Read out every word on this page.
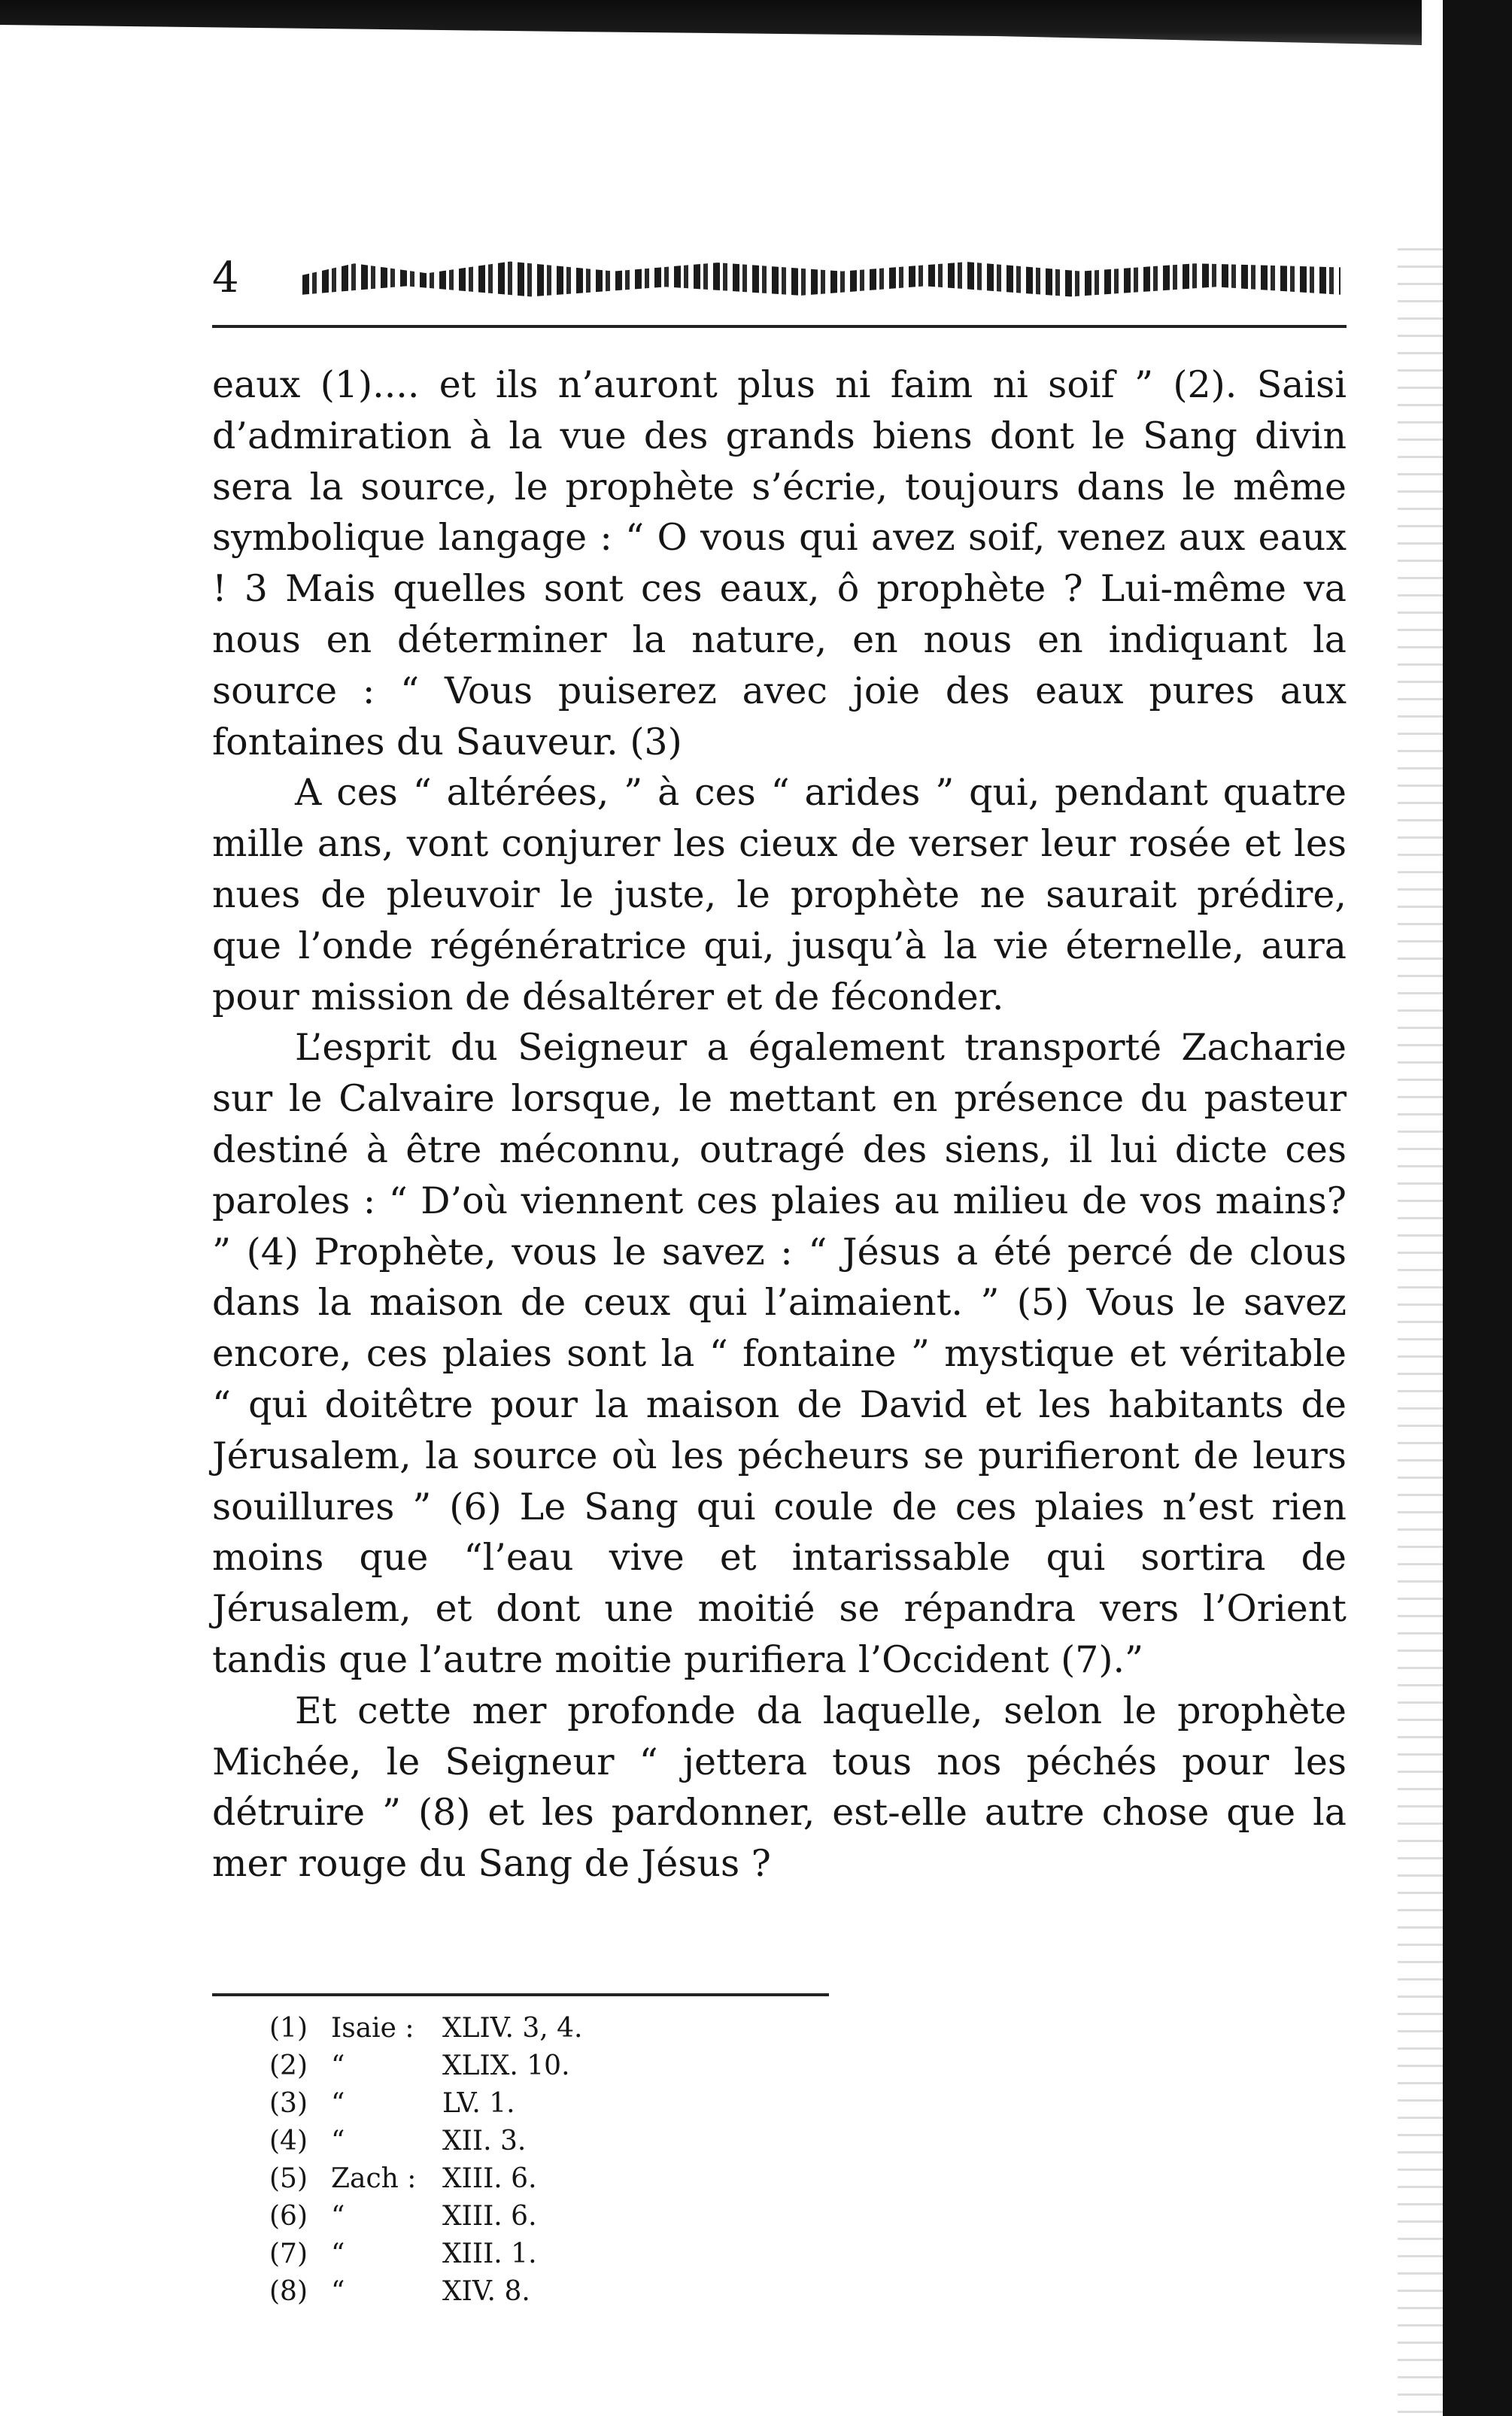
4

eaux (1).... et ils n’auront plus ni faim ni soif ” (2). Saisi d’admiration à la vue des grands biens dont le Sang divin sera la source, le prophète s’écrie, toujours dans le même symbolique langage : “ O vous qui avez soif, venez aux eaux ! 3 Mais quelles sont ces eaux, ô prophète ? Lui-même va nous en déterminer la nature, en nous en indiquant la source : “ Vous puiserez avec joie des eaux pures aux fontaines du Sauveur. (3)

A ces “ altérées, ” à ces “ arides ” qui, pendant quatre mille ans, vont conjurer les cieux de verser leur rosée et les nues de pleuvoir le juste, le prophète ne saurait prédire, que l’onde régénératrice qui, jusqu’à la vie éternelle, aura pour mission de désaltérer et de féconder.

L’esprit du Seigneur a également transporté Zacharie sur le Calvaire lorsque, le mettant en présence du pasteur destiné à être méconnu, outragé des siens, il lui dicte ces paroles : “ D’où viennent ces plaies au milieu de vos mains? ” (4) Prophète, vous le savez : “ Jésus a été percé de clous dans la maison de ceux qui l’aimaient. ” (5) Vous le savez encore, ces plaies sont la “ fontaine ” mystique et véritable “ qui doitêtre pour la maison de David et les habitants de Jérusalem, la source où les pécheurs se purifieront de leurs souillures ” (6) Le Sang qui coule de ces plaies n’est rien moins que “l’eau vive et intarissable qui sortira de Jérusalem, et dont une moitié se répandra vers l’Orient tandis que l’autre moitie purifiera l’Occident (7).”

Et cette mer profonde da laquelle, selon le prophète Michée, le Seigneur “ jettera tous nos péchés pour les détruire ” (8) et les pardonner, est-elle autre chose que la mer rouge du Sang de Jésus ?

(1) Isaie : XLIV. 3, 4.
(2) “	XLIX. 10.
(3) “	LV. 1.
(4) “	XII. 3.
(5) Zach : XIII. 6.
(6) “	XIII. 6.
(7) “	XIII. 1.
(8) “	XIV. 8.
